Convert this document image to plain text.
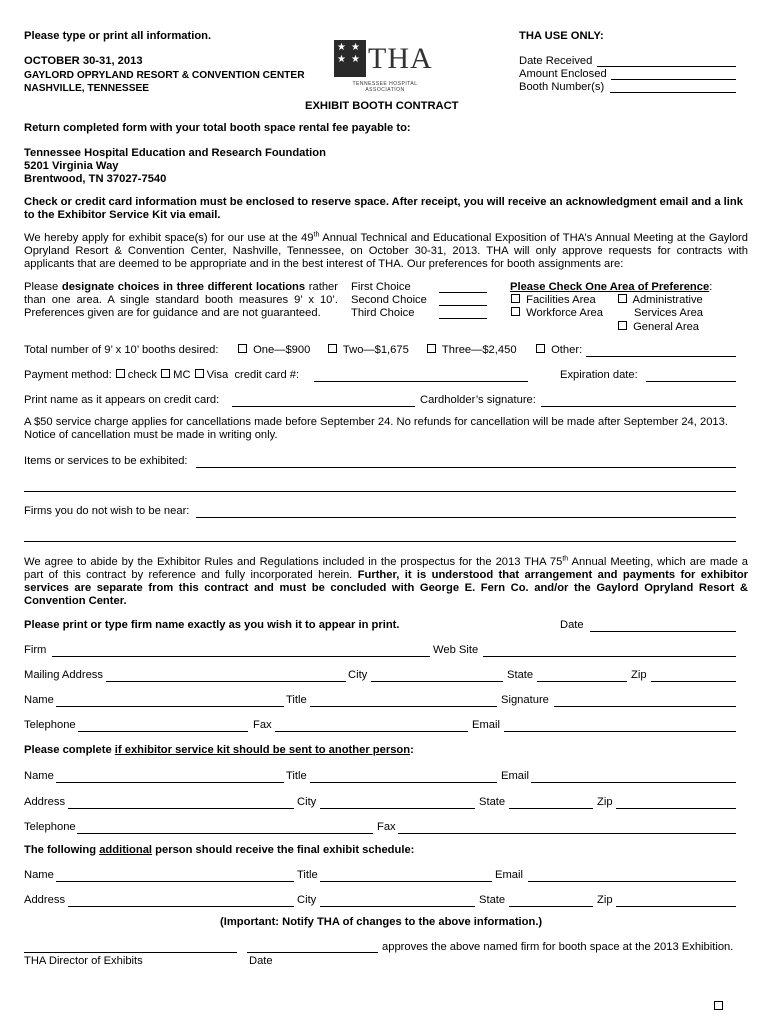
Please type or print all information.
OCTOBER 30-31, 2013
GAYLORD OPRYLAND RESORT & CONVENTION CENTER
NASHVILLE, TENNESSEE
★ ★
★ ★ THA
TENNESSEE HOSPITAL ASSOCIATION
THA USE ONLY:
Date Received
Amount Enclosed
Booth Number(s)
EXHIBIT BOOTH CONTRACT
Return completed form with your total booth space rental fee payable to:
Tennessee Hospital Education and Research Foundation
5201 Virginia Way
Brentwood, TN 37027-7540
Check or credit card information must be enclosed to reserve space. After receipt, you will receive an acknowledgment email and a link to the Exhibitor Service Kit via email.
We hereby apply for exhibit space(s) for our use at the 49th Annual Technical and Educational Exposition of THA’s Annual Meeting at the Gaylord Opryland Resort & Convention Center, Nashville, Tennessee, on October 30-31, 2013. THA will only approve requests for contracts with applicants that are deemed to be appropriate and in the best interest of THA. Our preferences for booth assignments are:
Please designate choices in three different locations rather than one area. A single standard booth measures 9’ x 10’. Preferences given are for guidance and are not guaranteed.
First Choice
Second Choice
Third Choice
Please Check One Area of Preference:
Facilities Area
Workforce Area
Administrative
Services Area
General Area
Total number of 9’ x 10’ booths desired:	One—$900	Two—$1,675	Three—$2,450	Other:
Payment method: check MC Visa credit card #:	Expiration date:
Print name as it appears on credit card:	Cardholder’s signature:
A $50 service charge applies for cancellations made before September 24. No refunds for cancellation will be made after September 24, 2013. Notice of cancellation must be made in writing only.
Items or services to be exhibited:
Firms you do not wish to be near:
We agree to abide by the Exhibitor Rules and Regulations included in the prospectus for the 2013 THA 75th Annual Meeting, which are made a part of this contract by reference and fully incorporated herein. Further, it is understood that arrangement and payments for exhibitor services are separate from this contract and must be concluded with George E. Fern Co. and/or the Gaylord Opryland Resort & Convention Center.
Please print or type firm name exactly as you wish it to appear in print.	Date
Firm	Web Site
Mailing Address	City	State	Zip
Name	Title	Signature
Telephone	Fax	Email
Please complete if exhibitor service kit should be sent to another person:
Name	Title	Email
Address	City	State	Zip
Telephone	Fax
The following additional person should receive the final exhibit schedule:
Name	Title	Email
Address	City	State	Zip
(Important: Notify THA of changes to the above information.)
approves the above named firm for booth space at the 2013 Exhibition.
THA Director of Exhibits	Date
